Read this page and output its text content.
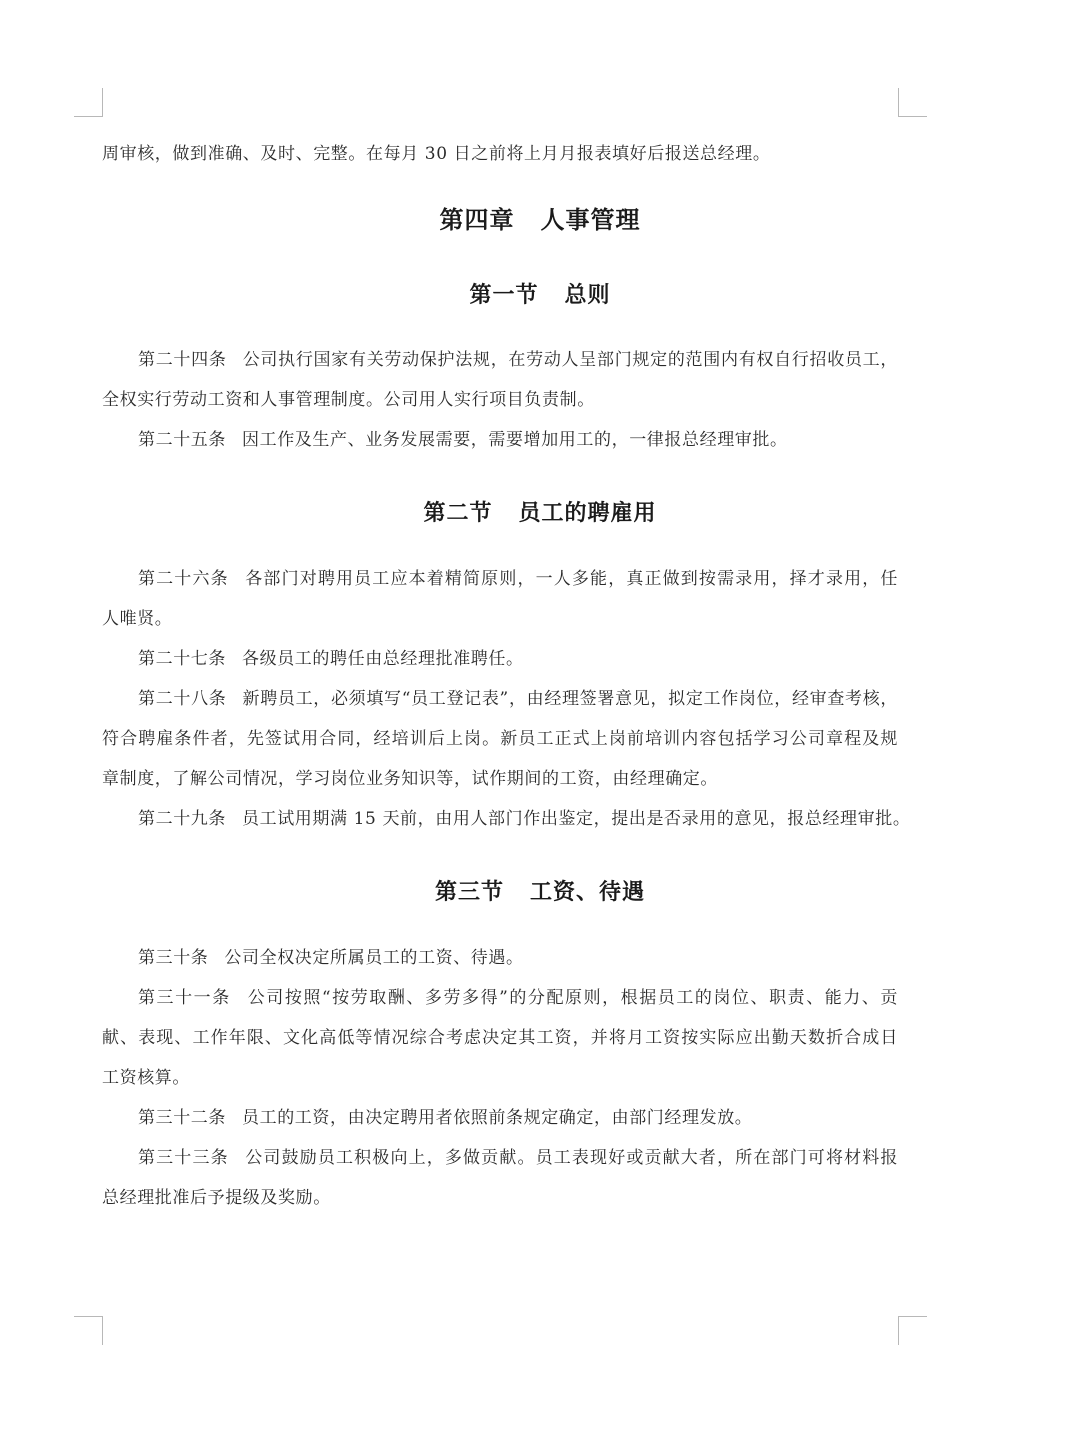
周审核，做到准确、及时、完整。在每月 30 日之前将上月月报表填好后报送总经理。
第四章 人事管理
第一节 总则
第二十四条 公司执行国家有关劳动保护法规，在劳动人呈部门规定的范围内有权自行招收员工，
全权实行劳动工资和人事管理制度。公司用人实行项目负责制。
第二十五条 因工作及生产、业务发展需要，需要增加用工的，一律报总经理审批。
第二节 员工的聘雇用
第二十六条 各部门对聘用员工应本着精简原则，一人多能，真正做到按需录用，择才录用，任
人唯贤。
第二十七条 各级员工的聘任由总经理批准聘任。
第二十八条 新聘员工，必须填写“员工登记表”，由经理签署意见，拟定工作岗位，经审查考核，
符合聘雇条件者，先签试用合同，经培训后上岗。新员工正式上岗前培训内容包括学习公司章程及规
章制度，了解公司情况，学习岗位业务知识等，试作期间的工资，由经理确定。
第二十九条 员工试用期满 15 天前，由用人部门作出鉴定，提出是否录用的意见，报总经理审批。
第三节 工资、待遇
第三十条 公司全权决定所属员工的工资、待遇。
第三十一条 公司按照“按劳取酬、多劳多得”的分配原则，根据员工的岗位、职责、能力、贡
献、表现、工作年限、文化高低等情况综合考虑决定其工资，并将月工资按实际应出勤天数折合成日
工资核算。
第三十二条 员工的工资，由决定聘用者依照前条规定确定，由部门经理发放。
第三十三条 公司鼓励员工积极向上，多做贡献。员工表现好或贡献大者，所在部门可将材料报
总经理批准后予提级及奖励。
